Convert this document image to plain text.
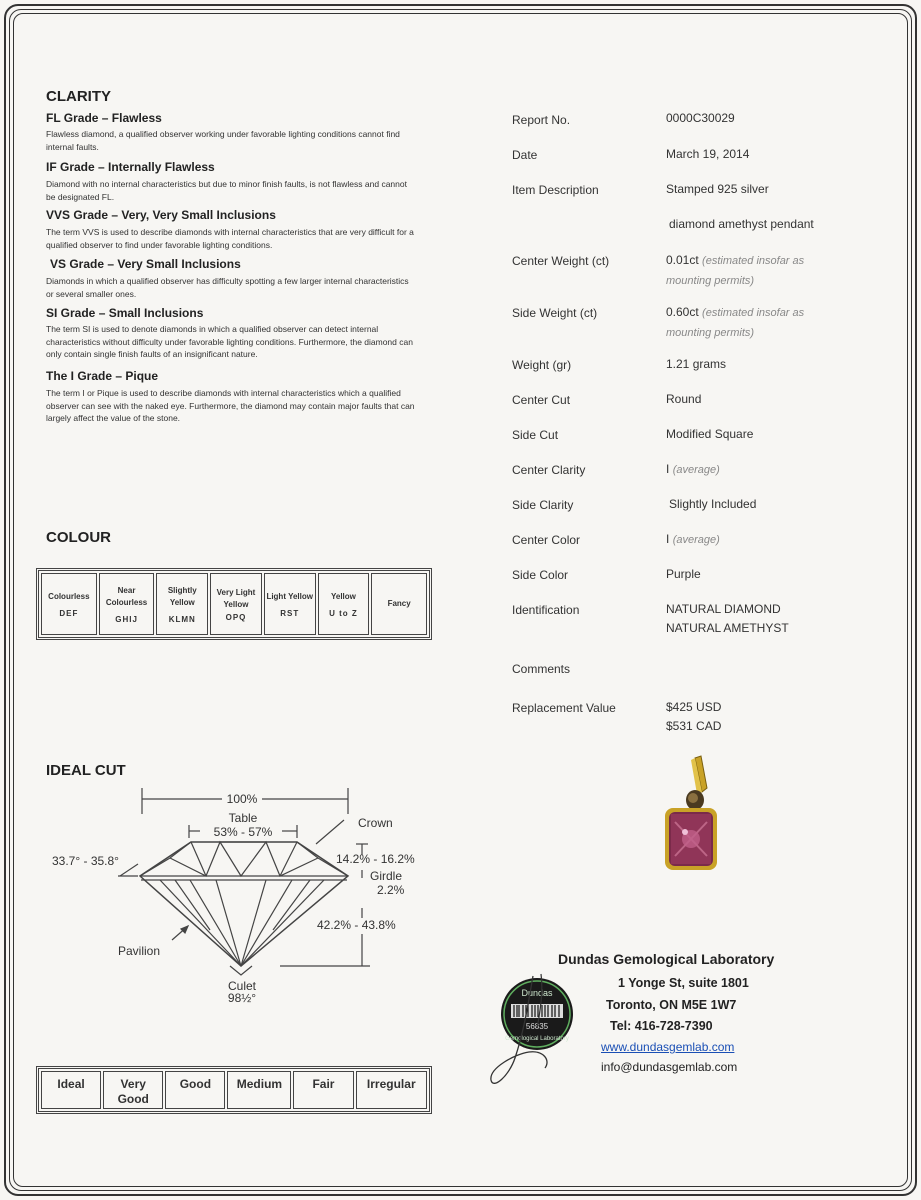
CLARITY
FL Grade – Flawless
Flawless diamond, a qualified observer working under favorable lighting conditions cannot find internal faults.
IF Grade – Internally Flawless
Diamond with no internal characteristics but due to minor finish faults, is not flawless and cannot be designated FL.
VVS Grade – Very, Very Small Inclusions
The term VVS is used to describe diamonds with internal characteristics that are very difficult for a qualified observer to find under favorable lighting conditions.
VS Grade – Very Small Inclusions
Diamonds in which a qualified observer has difficulty spotting a few larger internal characteristics or several smaller ones.
SI Grade – Small Inclusions
The term SI is used to denote diamonds in which a qualified observer can detect internal characteristics without difficulty under favorable lighting conditions. Furthermore, the diamond can only contain single finish faults of an insignificant nature.
The I Grade – Pique
The term I or Pique is used to describe diamonds with internal characteristics which a qualified observer can see with the naked eye. Furthermore, the diamond may contain major faults that can largely affect the value of the stone.
COLOUR
Colourless
DEF

Near Colourless
GHIJ

Slightly Yellow
KLMN

Very Light Yellow
OPQ

Light Yellow
RST

Yellow
U to Z

Fancy
IDEAL CUT
100%
Table
53% - 57%
Crown
33.7° - 35.8°	14.2% - 16.2%
Girdle
2.2%
42.2% - 43.8%
Pavilion
Culet
98½°
Ideal	Very Good	Good	Medium	Fair	Irregular
Report No.	0000C30029
Date	March 19, 2014
Item Description	Stamped 925 silver
diamond amethyst pendant
Center Weight (ct)	0.01ct (estimated insofar as mounting permits)
Side Weight (ct)	0.60ct (estimated insofar as mounting permits)
Weight (gr)	1.21 grams
Center Cut	Round
Side Cut	Modified Square
Center Clarity	I (average)
Side Clarity	Slightly Included
Center Color	I (average)
Side Color	Purple
Identification	NATURAL DIAMOND
NATURAL AMETHYST
Comments
Replacement Value	$425 USD
$531 CAD
Dundas Gemological Laboratory
1 Yonge St, suite 1801
Toronto, ON M5E 1W7
Tel: 416-728-7390
www.dundasgemlab.com
info@dundasgemlab.com
Dundas
56835
Gemological Laboratory
